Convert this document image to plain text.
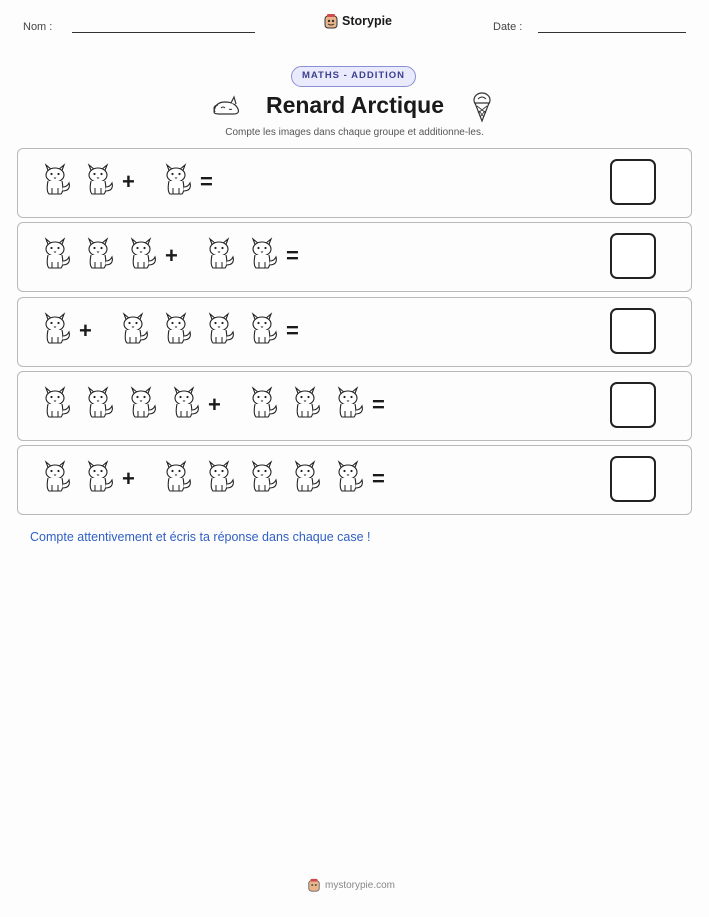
Nom :	Storypie	Date :
MATHS - ADDITION
Renard Arctique
Compte les images dans chaque groupe et additionne-les.
+	=
+	=
+	=
+	=
+	=
Compte attentivement et écris ta réponse dans chaque case !
mystorypie.com
